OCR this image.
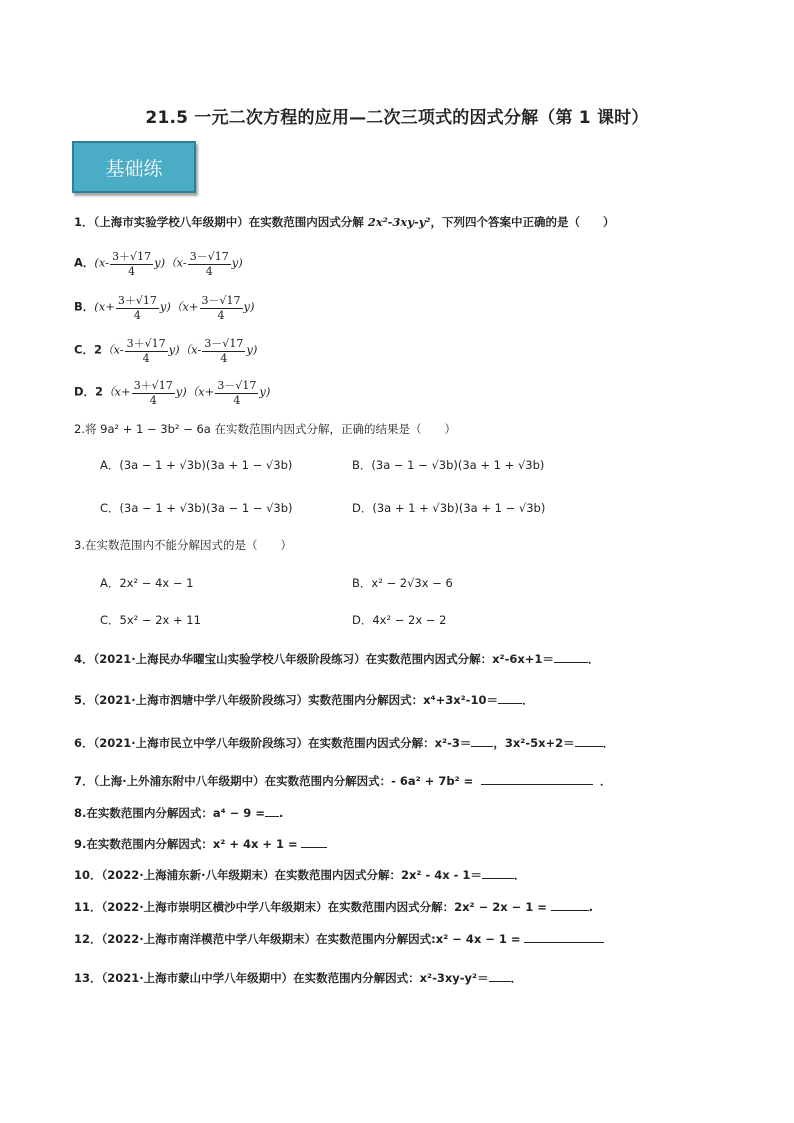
21.5 一元二次方程的应用—二次三项式的因式分解（第 1 课时）
基础练
1．（上海市实验学校八年级期中）在实数范围内因式分解 2x²-3xy-y²，下列四个答案中正确的是（　　）
A．$(x- \frac{3+√17}{4} y)(x- \frac{3-√17}{4} y)$
B．$(x+ \frac{3+√17}{4} y)(x+ \frac{3-√17}{4} y)$
C．$2(x- \frac{3+√17}{4} y)(x- \frac{3-√17}{4} y)$
D．$2(x+ \frac{3+√17}{4} y)(x+ \frac{3-√17}{4} y)$
2.将 9a² + 1 − 3b² − 6a 在实数范围内因式分解，正确的结果是（　　）
A．(3a − 1 + √3b)(3a + 1 − √3b)	B．(3a − 1 − √3b)(3a + 1 + √3b)
C．(3a − 1 + √3b)(3a − 1 − √3b)	D．(3a + 1 + √3b)(3a + 1 − √3b)
3.在实数范围内不能分解因式的是（　　）
A．2x² − 4x − 1	B．x² − 2√3x − 6
C．5x² − 2x + 11	D．4x² − 2x − 2
4．（2021·上海民办华曜宝山实验学校八年级阶段练习）在实数范围内因式分解：x²-6x+1＝	．
5．（2021·上海市泗塘中学八年级阶段练习）实数范围内分解因式：x⁴+3x²-10＝ ．
6．（2021·上海市民立中学八年级阶段练习）在实数范围内因式分解：x²-3＝ ，3x²-5x+2＝ ．
7．（上海·上外浦东附中八年级期中）在实数范围内分解因式：- 6a² + 7b² =	．
8.在实数范围内分解因式：a⁴ − 9 = .
9.在实数范围内分解因式：x² + 4x + 1 =
10．（2022·上海浦东新·八年级期末）在实数范围内因式分解：2x² - 4x - 1＝	．
11．（2022·上海市崇明区横沙中学八年级期末）在实数范围内因式分解：2x² − 2x − 1 =	.
12．（2022·上海市南洋模范中学八年级期末）在实数范围内分解因式:x² − 4x − 1 =
13．（2021·上海市蒙山中学八年级期中）在实数范围内分解因式：x²-3xy-y²＝ ．
